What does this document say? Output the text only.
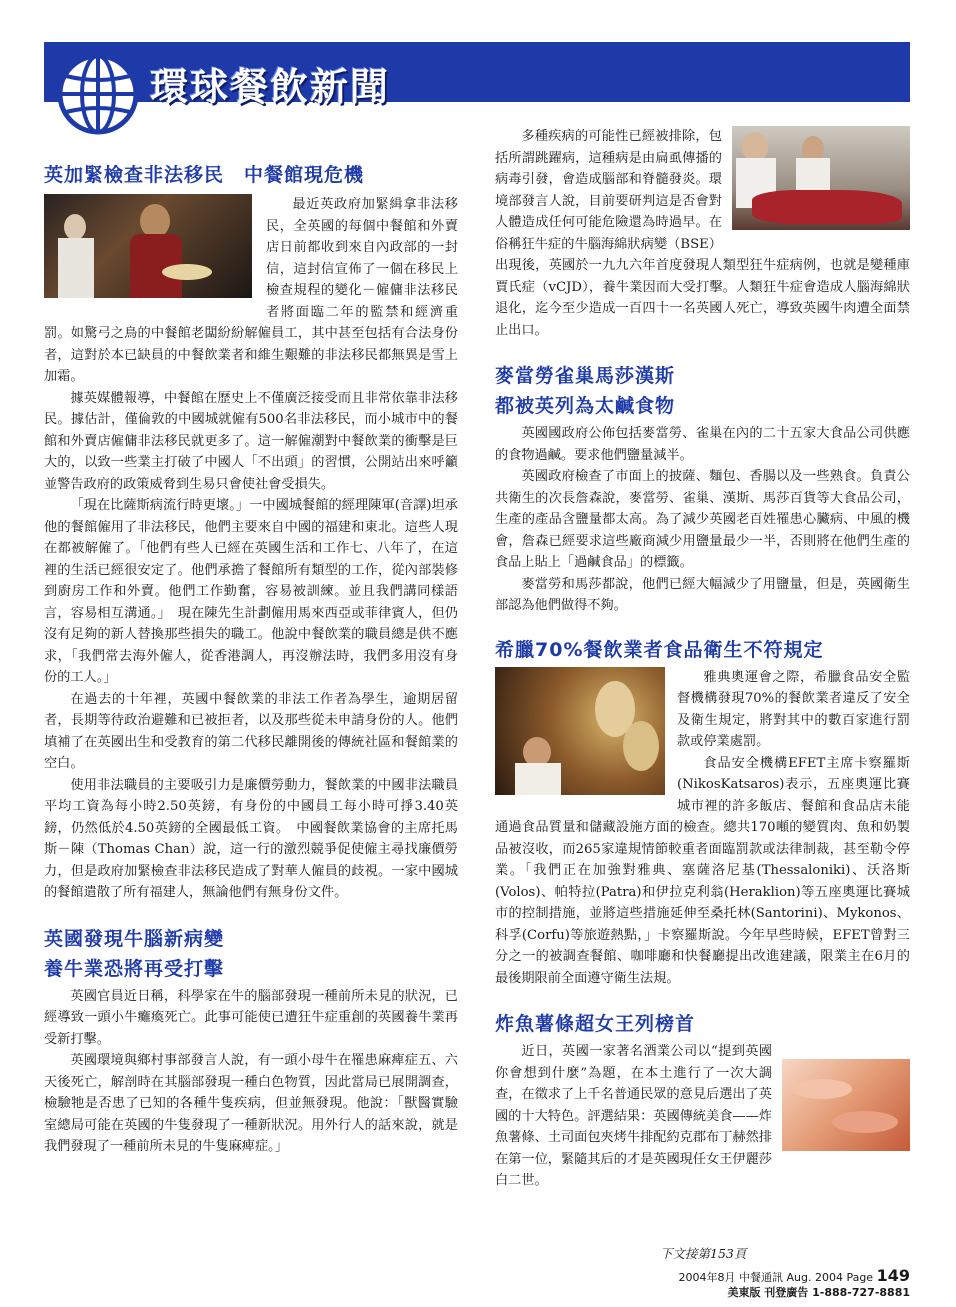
環球餐飲新聞
英加緊檢查非法移民　中餐館現危機

最近英政府加緊緝拿非法移民，全英國的每個中餐館和外賣店日前都收到來自內政部的一封信，這封信宣佈了一個在移民上檢查規程的變化－僱傭非法移民者將面臨二年的監禁和經濟重罰。如驚弓之鳥的中餐館老闆紛紛解僱員工，其中甚至包括有合法身份者，這對於本已缺員的中餐飲業者和維生艱難的非法移民都無異是雪上加霜。

據英媒體報導，中餐館在歷史上不僅廣泛接受而且非常依靠非法移民。據估計，僅倫敦的中國城就僱有500名非法移民，而小城市中的餐館和外賣店僱傭非法移民就更多了。這一解僱潮對中餐飲業的衝擊是巨大的，以致一些業主打破了中國人「不出頭」的習慣，公開站出來呼籲並警告政府的政策威脅到生易只會使社會受損失。

「現在比薩斯病流行時更壞。」一中國城餐館的經理陳軍(音譯)坦承他的餐館僱用了非法移民，他們主要來自中國的福建和東北。這些人現在都被解僱了。「他們有些人已經在英國生活和工作七、八年了，在這裡的生活已經很安定了。他們承擔了餐館所有類型的工作，從內部裝修到廚房工作和外賣。他們工作勤奮，容易被訓練。並且我們講同樣語言，容易相互溝通。」　現在陳先生計劃僱用馬來西亞或菲律賓人，但仍沒有足夠的新人替換那些損失的職工。他說中餐飲業的職員總是供不應求，「我們常去海外僱人，從香港調人，再沒辦法時，我們多用沒有身份的工人。」

在過去的十年裡，英國中餐飲業的非法工作者為學生，逾期居留者，長期等待政治避難和已被拒者，以及那些從未申請身份的人。他們填補了在英國出生和受教育的第二代移民離開後的傳統社區和餐館業的空白。

使用非法職員的主要吸引力是廉價勞動力，餐飲業的中國非法職員平均工資為每小時2.50英鎊，有身份的中國員工每小時可掙3.40英鎊，仍然低於4.50英鎊的全國最低工資。　中國餐飲業協會的主席托馬斯－陳（Thomas Chan）說，這一行的激烈競爭促使僱主尋找廉價勞力，但是政府加緊檢查非法移民造成了對華人僱員的歧視。一家中國城的餐館遣散了所有福建人，無論他們有無身份文件。

英國發現牛腦新病變
養牛業恐將再受打擊

英國官員近日稱，科學家在牛的腦部發現一種前所未見的狀況，已經導致一頭小牛癱瘓死亡。此事可能使已遭狂牛症重創的英國養牛業再受新打擊。

英國環境與鄉村事部發言人說，有一頭小母牛在罹患麻痺症五、六天後死亡，解剖時在其腦部發現一種白色物質，因此當局已展開調查，檢驗牠是否患了已知的各種牛隻疾病，但並無發現。他說：「獸醫實驗室總局可能在英國的牛隻發現了一種新狀況。用外行人的話來說，就是我們發現了一種前所未見的牛隻麻痺症。」

多種疾病的可能性已經被排除，包括所謂跳躍病，這種病是由扁虱傳播的病毒引發，會造成腦部和脊髓發炎。環境部發言人說，目前要研判這是否會對人體造成任何可能危險還為時過早。在俗稱狂牛症的牛腦海綿狀病變（BSE）出現後，英國於一九九六年首度發現人類型狂牛症病例，也就是變種庫賈氏症（vCJD），養牛業因而大受打擊。人類狂牛症會造成人腦海綿狀退化，迄今至少造成一百四十一名英國人死亡，導致英國牛肉遭全面禁止出口。

麥當勞雀巢馬莎漢斯
都被英列為太鹹食物

英國國政府公佈包括麥當勞、雀巢在內的二十五家大食品公司供應的食物過鹹。要求他們鹽量減半。

英國政府檢查了市面上的披薩、麵包、香腸以及一些熟食。負責公共衛生的次長詹森說，麥當勞、雀巢、漢斯、馬莎百貨等大食品公司，生產的產品含鹽量都太高。為了減少英國老百姓罹患心臟病、中風的機會，詹森已經要求這些廠商減少用鹽量最少一半，否則將在他們生產的食品上貼上「過鹹食品」的標籤。

麥當勞和馬莎都說，他們已經大幅減少了用鹽量，但是，英國衛生部認為他們做得不夠。

希臘70%餐飲業者食品衛生不符規定

雅典奧運會之際，希臘食品安全監督機構發現70%的餐飲業者違反了安全及衛生規定，將對其中的數百家進行罰款或停業處罰。

食品安全機構EFET主席卡察羅斯(NikosKatsaros)表示，五座奧運比賽城市裡的許多飯店、餐館和食品店未能通過食品質量和儲藏設施方面的檢查。總共170噸的變質肉、魚和奶製品被沒收，而265家違規情節較重者面臨罰款或法律制裁，甚至勒令停業。「我們正在加強對雅典、塞薩洛尼基(Thessaloniki)、沃洛斯(Volos)、帕特拉(Patra)和伊拉克利翁(Heraklion)等五座奧運比賽城市的控制措施，並將這些措施延伸至桑托林(Santorini)、Mykonos、科孚(Corfu)等旅遊熱點，」卡察羅斯說。今年早些時候，EFET曾對三分之一的被調查餐館、咖啡廳和快餐廳提出改進建議，限業主在6月的最後期限前全面遵守衛生法規。

炸魚薯條超女王列榜首

近日，英國一家著名酒業公司以“提到英國你會想到什麼”為題，在本土進行了一次大調查，在徵求了上千名普通民眾的意見后選出了英國的十大特色。評選結果：英國傳統美食——炸魚薯條、土司面包夾烤牛排配約克郡布丁赫然排在第一位，緊隨其后的才是英國現任女王伊麗莎白二世。

下文接第153頁
2004年8月 中餐通訊 Aug. 2004 Page 149
美東版 刊登廣告 1-888-727-8881
